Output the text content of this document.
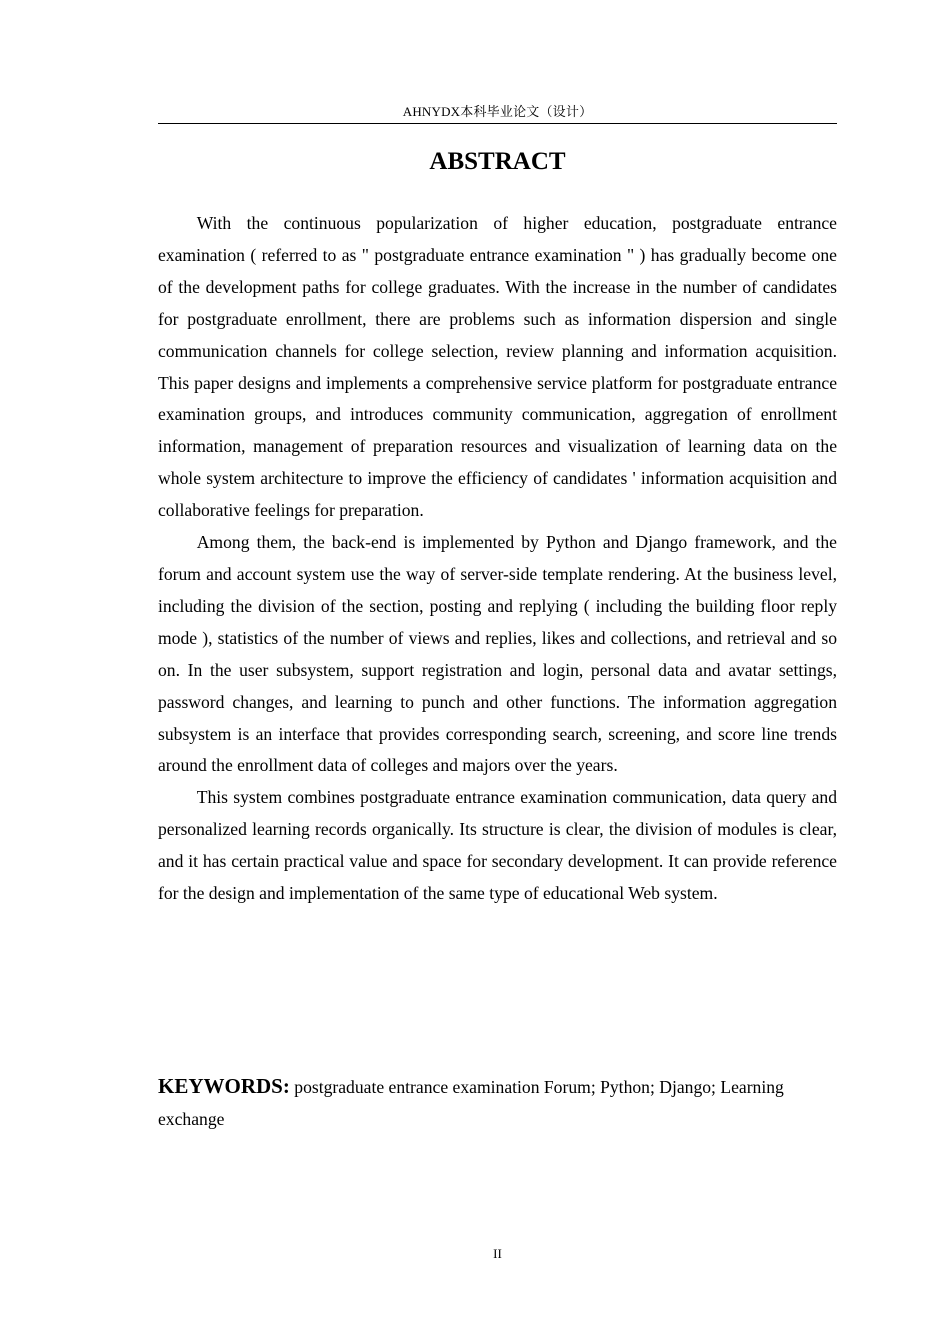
AHNYDX本科毕业论文（设计）
ABSTRACT

With the continuous popularization of higher education, postgraduate entrance examination ( referred to as " postgraduate entrance examination " ) has gradually become one of the development paths for college graduates. With the increase in the number of candidates for postgraduate enrollment, there are problems such as information dispersion and single communication channels for college selection, review planning and information acquisition. This paper designs and implements a comprehensive service platform for postgraduate entrance examination groups, and introduces community communication, aggregation of enrollment information, management of preparation resources and visualization of learning data on the whole system architecture to improve the efficiency of candidates ' information acquisition and collaborative feelings for preparation.

Among them, the back-end is implemented by Python and Django framework, and the forum and account system use the way of server-side template rendering. At the business level, including the division of the section, posting and replying ( including the building floor reply mode ), statistics of the number of views and replies, likes and collections, and retrieval and so on. In the user subsystem, support registration and login, personal data and avatar settings, password changes, and learning to punch and other functions. The information aggregation subsystem is an interface that provides corresponding search, screening, and score line trends around the enrollment data of colleges and majors over the years.

This system combines postgraduate entrance examination communication, data query and personalized learning records organically. Its structure is clear, the division of modules is clear, and it has certain practical value and space for secondary development. It can provide reference for the design and implementation of the same type of educational Web system.

KEYWORDS: postgraduate entrance examination Forum; Python; Django; Learning exchange
II
